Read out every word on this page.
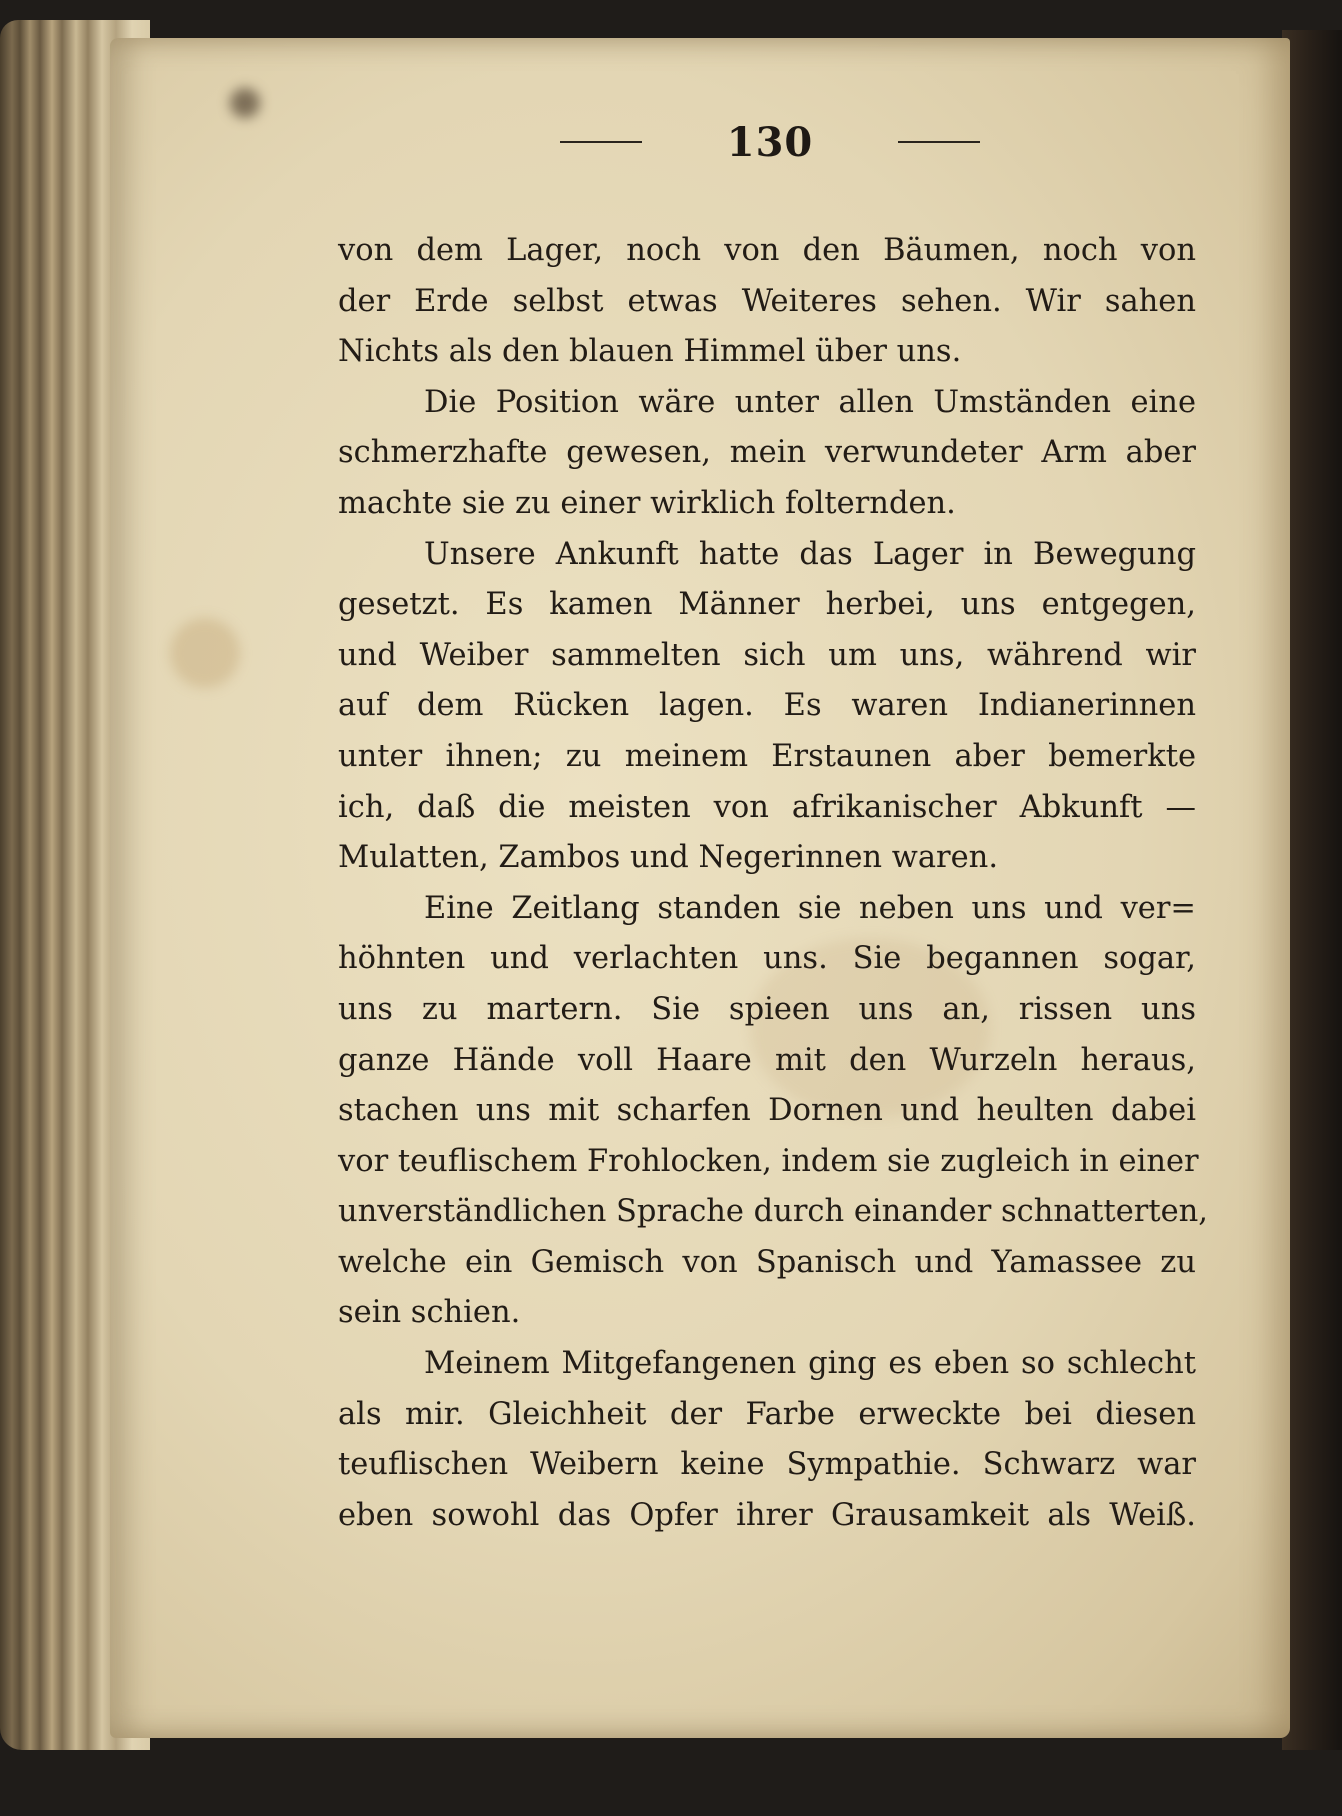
130
von dem Lager, noch von den Bäumen, noch von
der Erde selbst etwas Weiteres sehen. Wir sahen
Nichts als den blauen Himmel über uns.
Die Position wäre unter allen Umständen eine
schmerzhafte gewesen, mein verwundeter Arm aber
machte sie zu einer wirklich folternden.
Unsere Ankunft hatte das Lager in Bewegung
gesetzt. Es kamen Männer herbei, uns entgegen,
und Weiber sammelten sich um uns, während wir
auf dem Rücken lagen. Es waren Indianerinnen
unter ihnen; zu meinem Erstaunen aber bemerkte
ich, daß die meisten von afrikanischer Abkunft —
Mulatten, Zambos und Negerinnen waren.
Eine Zeitlang standen sie neben uns und ver=
höhnten und verlachten uns. Sie begannen sogar,
uns zu martern. Sie spieen uns an, rissen uns
ganze Hände voll Haare mit den Wurzeln heraus,
stachen uns mit scharfen Dornen und heulten dabei
vor teuflischem Frohlocken, indem sie zugleich in einer
unverständlichen Sprache durch einander schnatterten,
welche ein Gemisch von Spanisch und Yamassee zu
sein schien.
Meinem Mitgefangenen ging es eben so schlecht
als mir. Gleichheit der Farbe erweckte bei diesen
teuflischen Weibern keine Sympathie. Schwarz war
eben sowohl das Opfer ihrer Grausamkeit als Weiß.
